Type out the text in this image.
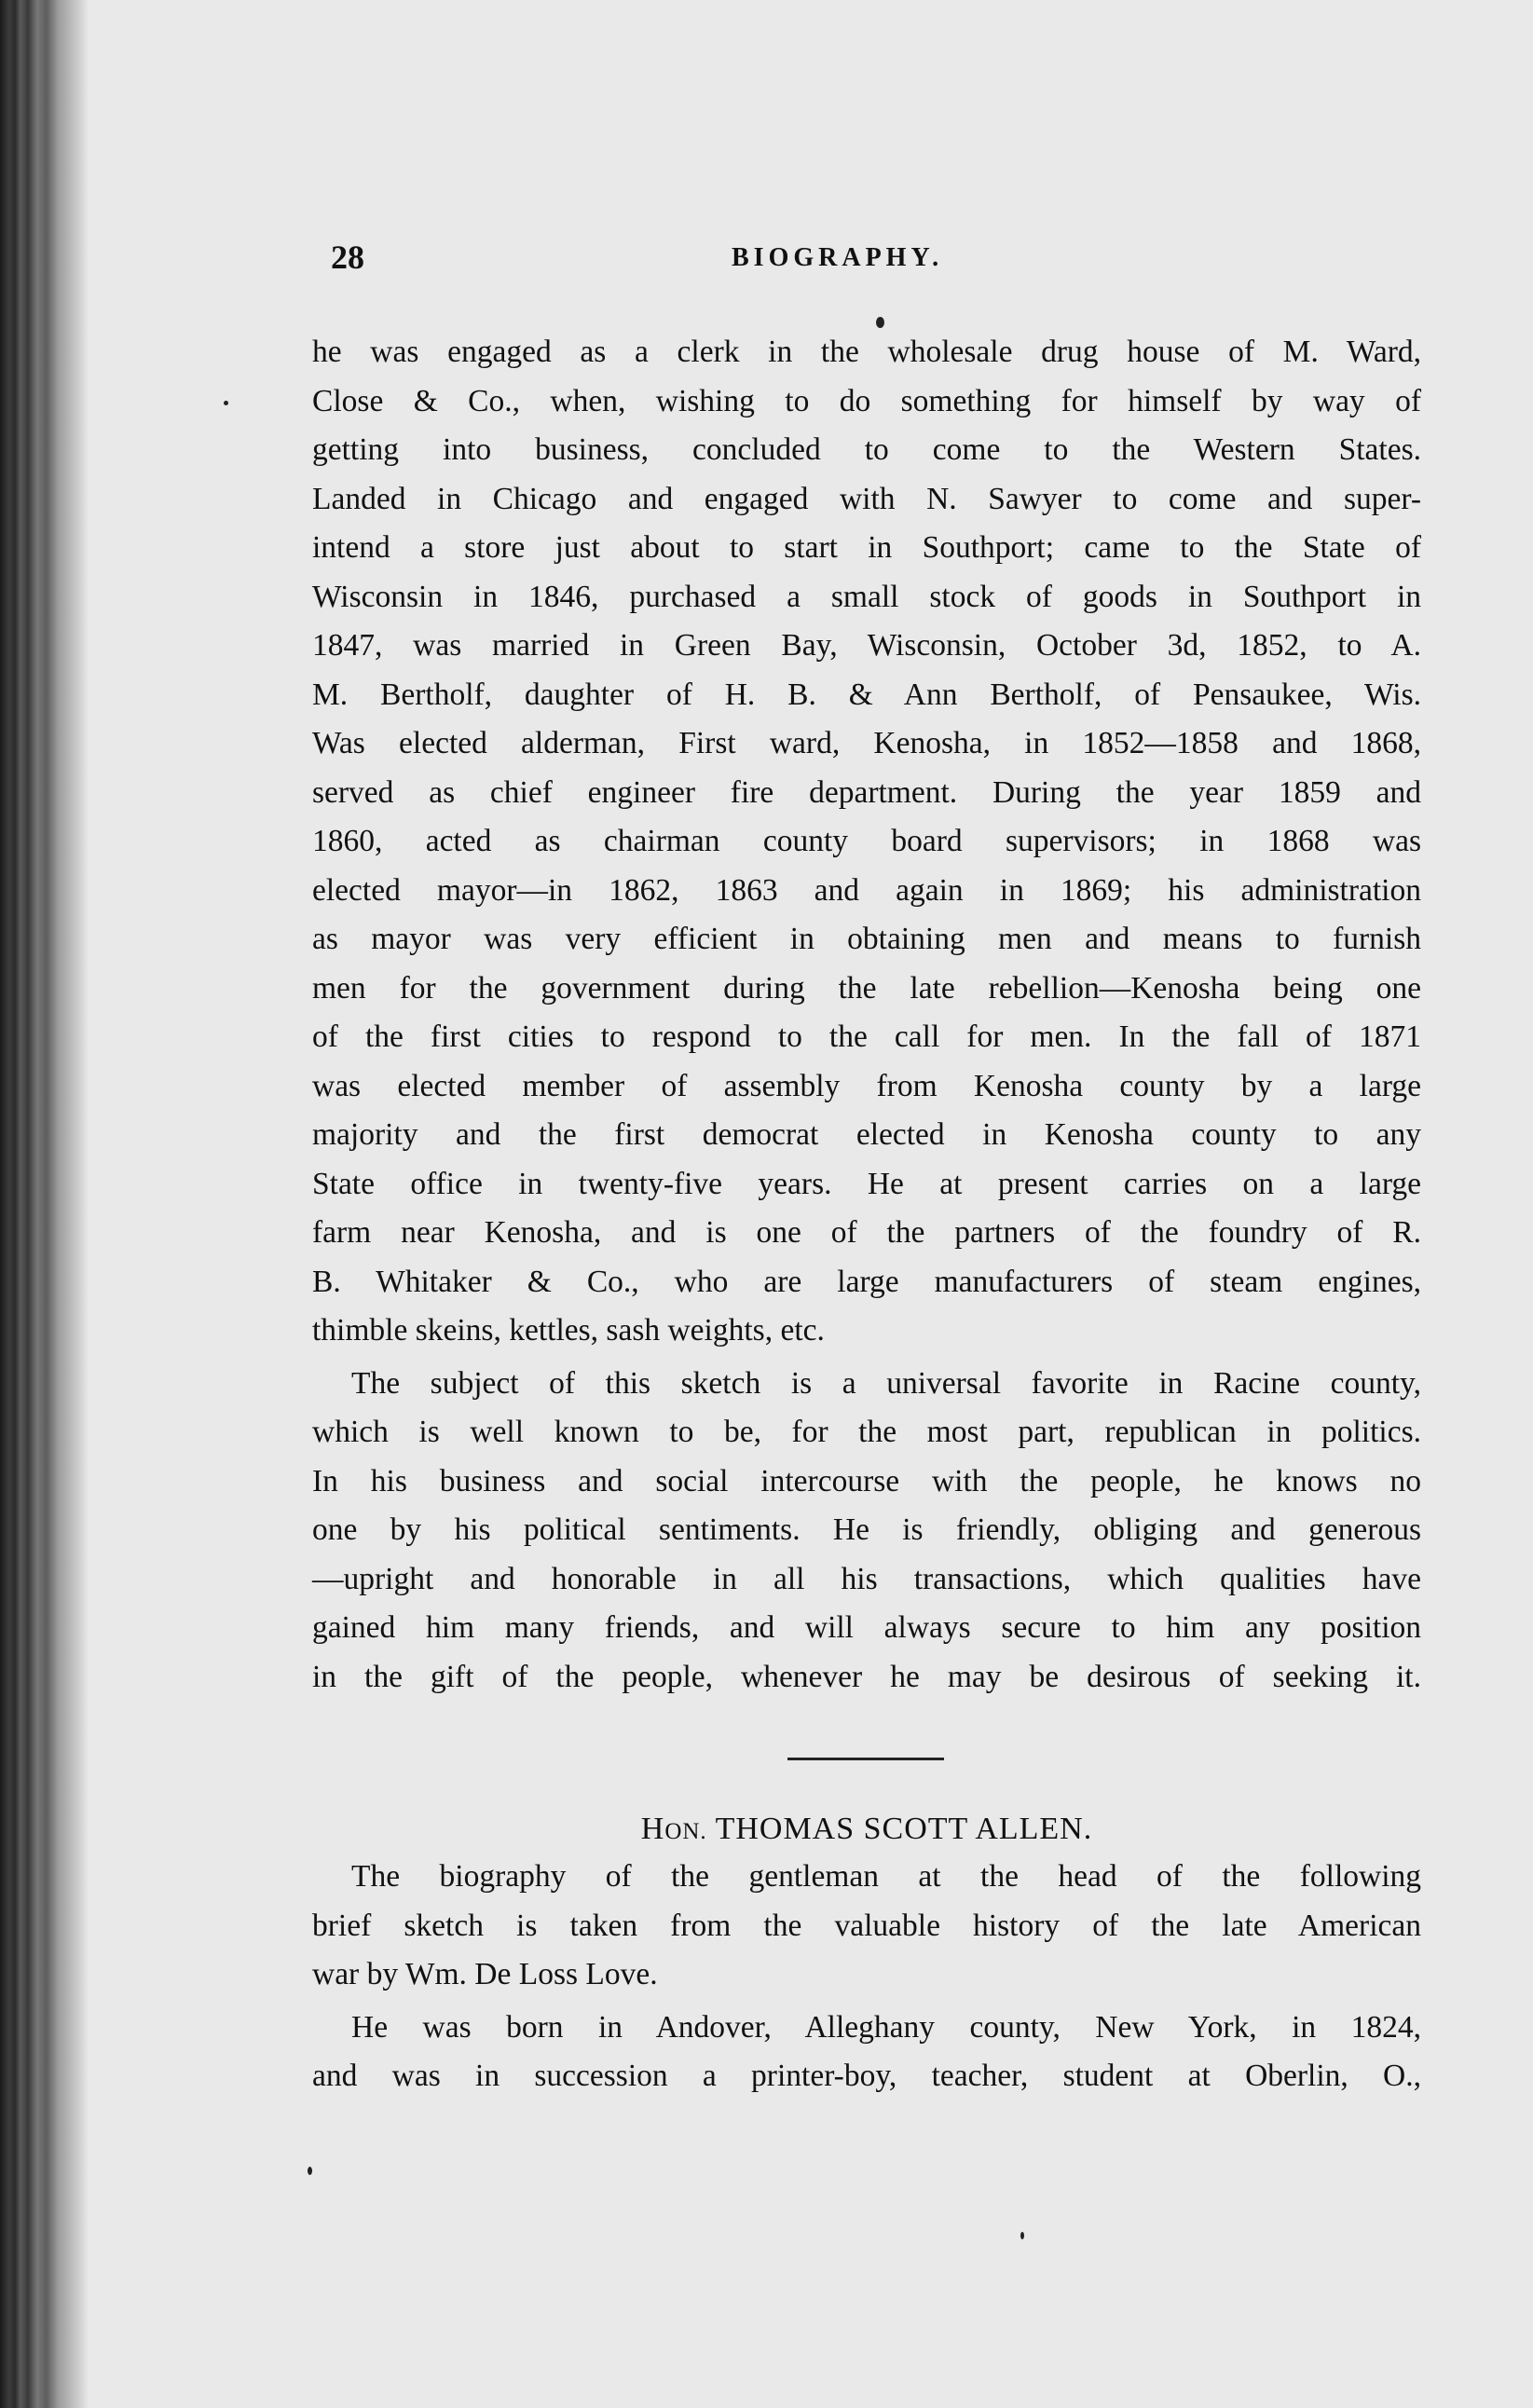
28	BIOGRAPHY.
he was engaged as a clerk in the wholesale drug house of M. Ward,
Close & Co., when, wishing to do something for himself by way of
getting into business, concluded to come to the Western States.
Landed in Chicago and engaged with N. Sawyer to come and super-
intend a store just about to start in Southport; came to the State of
Wisconsin in 1846, purchased a small stock of goods in Southport in
1847, was married in Green Bay, Wisconsin, October 3d, 1852, to A.
M. Bertholf, daughter of H. B. & Ann Bertholf, of Pensaukee, Wis.
Was elected alderman, First ward, Kenosha, in 1852—1858 and 1868,
served as chief engineer fire department. During the year 1859 and
1860, acted as chairman county board supervisors; in 1868 was
elected mayor—in 1862, 1863 and again in 1869; his administration
as mayor was very efficient in obtaining men and means to furnish
men for the government during the late rebellion—Kenosha being one
of the first cities to respond to the call for men. In the fall of 1871
was elected member of assembly from Kenosha county by a large
majority and the first democrat elected in Kenosha county to any
State office in twenty-five years. He at present carries on a large
farm near Kenosha, and is one of the partners of the foundry of R.
B. Whitaker & Co., who are large manufacturers of steam engines,
thimble skeins, kettles, sash weights, etc.
The subject of this sketch is a universal favorite in Racine county,
which is well known to be, for the most part, republican in politics.
In his business and social intercourse with the people, he knows no
one by his political sentiments. He is friendly, obliging and generous
—upright and honorable in all his transactions, which qualities have
gained him many friends, and will always secure to him any position
in the gift of the people, whenever he may be desirous of seeking it.
HON. THOMAS SCOTT ALLEN.
The biography of the gentleman at the head of the following
brief sketch is taken from the valuable history of the late American
war by Wm. De Loss Love.
He was born in Andover, Alleghany county, New York, in 1824,
and was in succession a printer-boy, teacher, student at Oberlin, O.,
